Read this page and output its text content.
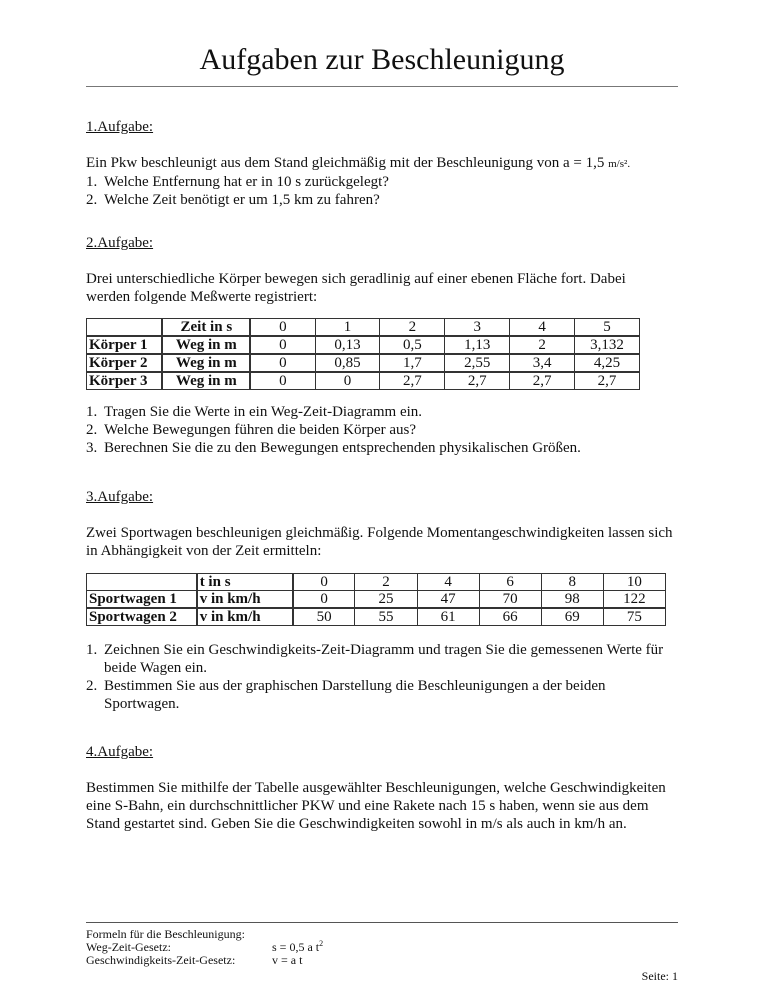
Aufgaben zur Beschleunigung
1.Aufgabe:

Ein Pkw beschleunigt aus dem Stand gleichmäßig mit der Beschleunigung von a = 1,5 m/s².

1. Welche Entfernung hat er in 10 s zurückgelegt?
2. Welche Zeit benötigt er um 1,5 km zu fahren?
2.Aufgabe:

Drei unterschiedliche Körper bewegen sich geradlinig auf einer ebenen Fläche fort. Dabei werden folgende Meßwerte registriert:

	Zeit in s	0	1	2	3	4	5
Körper 1	Weg in m	0	0,13	0,5	1,13	2	3,132
Körper 2	Weg in m	0	0,85	1,7	2,55	3,4	4,25
Körper 3	Weg in m	0	0	2,7	2,7	2,7	2,7
1. Tragen Sie die Werte in ein Weg-Zeit-Diagramm ein.
2. Welche Bewegungen führen die beiden Körper aus?
3. Berechnen Sie die zu den Bewegungen entsprechenden physikalischen Größen.
3.Aufgabe:

Zwei Sportwagen beschleunigen gleichmäßig. Folgende Momentangeschwindigkeiten lassen sich in Abhängigkeit von der Zeit ermitteln:

	t in s	0	2	4	6	8	10
Sportwagen 1	v in km/h	0	25	47	70	98	122
Sportwagen 2	v in km/h	50	55	61	66	69	75
1. Zeichnen Sie ein Geschwindigkeits-Zeit-Diagramm und tragen Sie die gemessenen Werte für beide Wagen ein.
2. Bestimmen Sie aus der graphischen Darstellung die Beschleunigungen a der beiden Sportwagen.
4.Aufgabe:

Bestimmen Sie mithilfe der Tabelle ausgewählter Beschleunigungen, welche Geschwindigkeiten eine S-Bahn, ein durchschnittlicher PKW und eine Rakete nach 15 s haben, wenn sie aus dem Stand gestartet sind. Geben Sie die Geschwindigkeiten sowohl in m/s als auch in km/h an.

Formeln für die Beschleunigung:
Weg-Zeit-Gesetz:	s = 0,5 a $t^2$
Geschwindigkeits-Zeit-Gesetz:	v = a t
Seite: 1
